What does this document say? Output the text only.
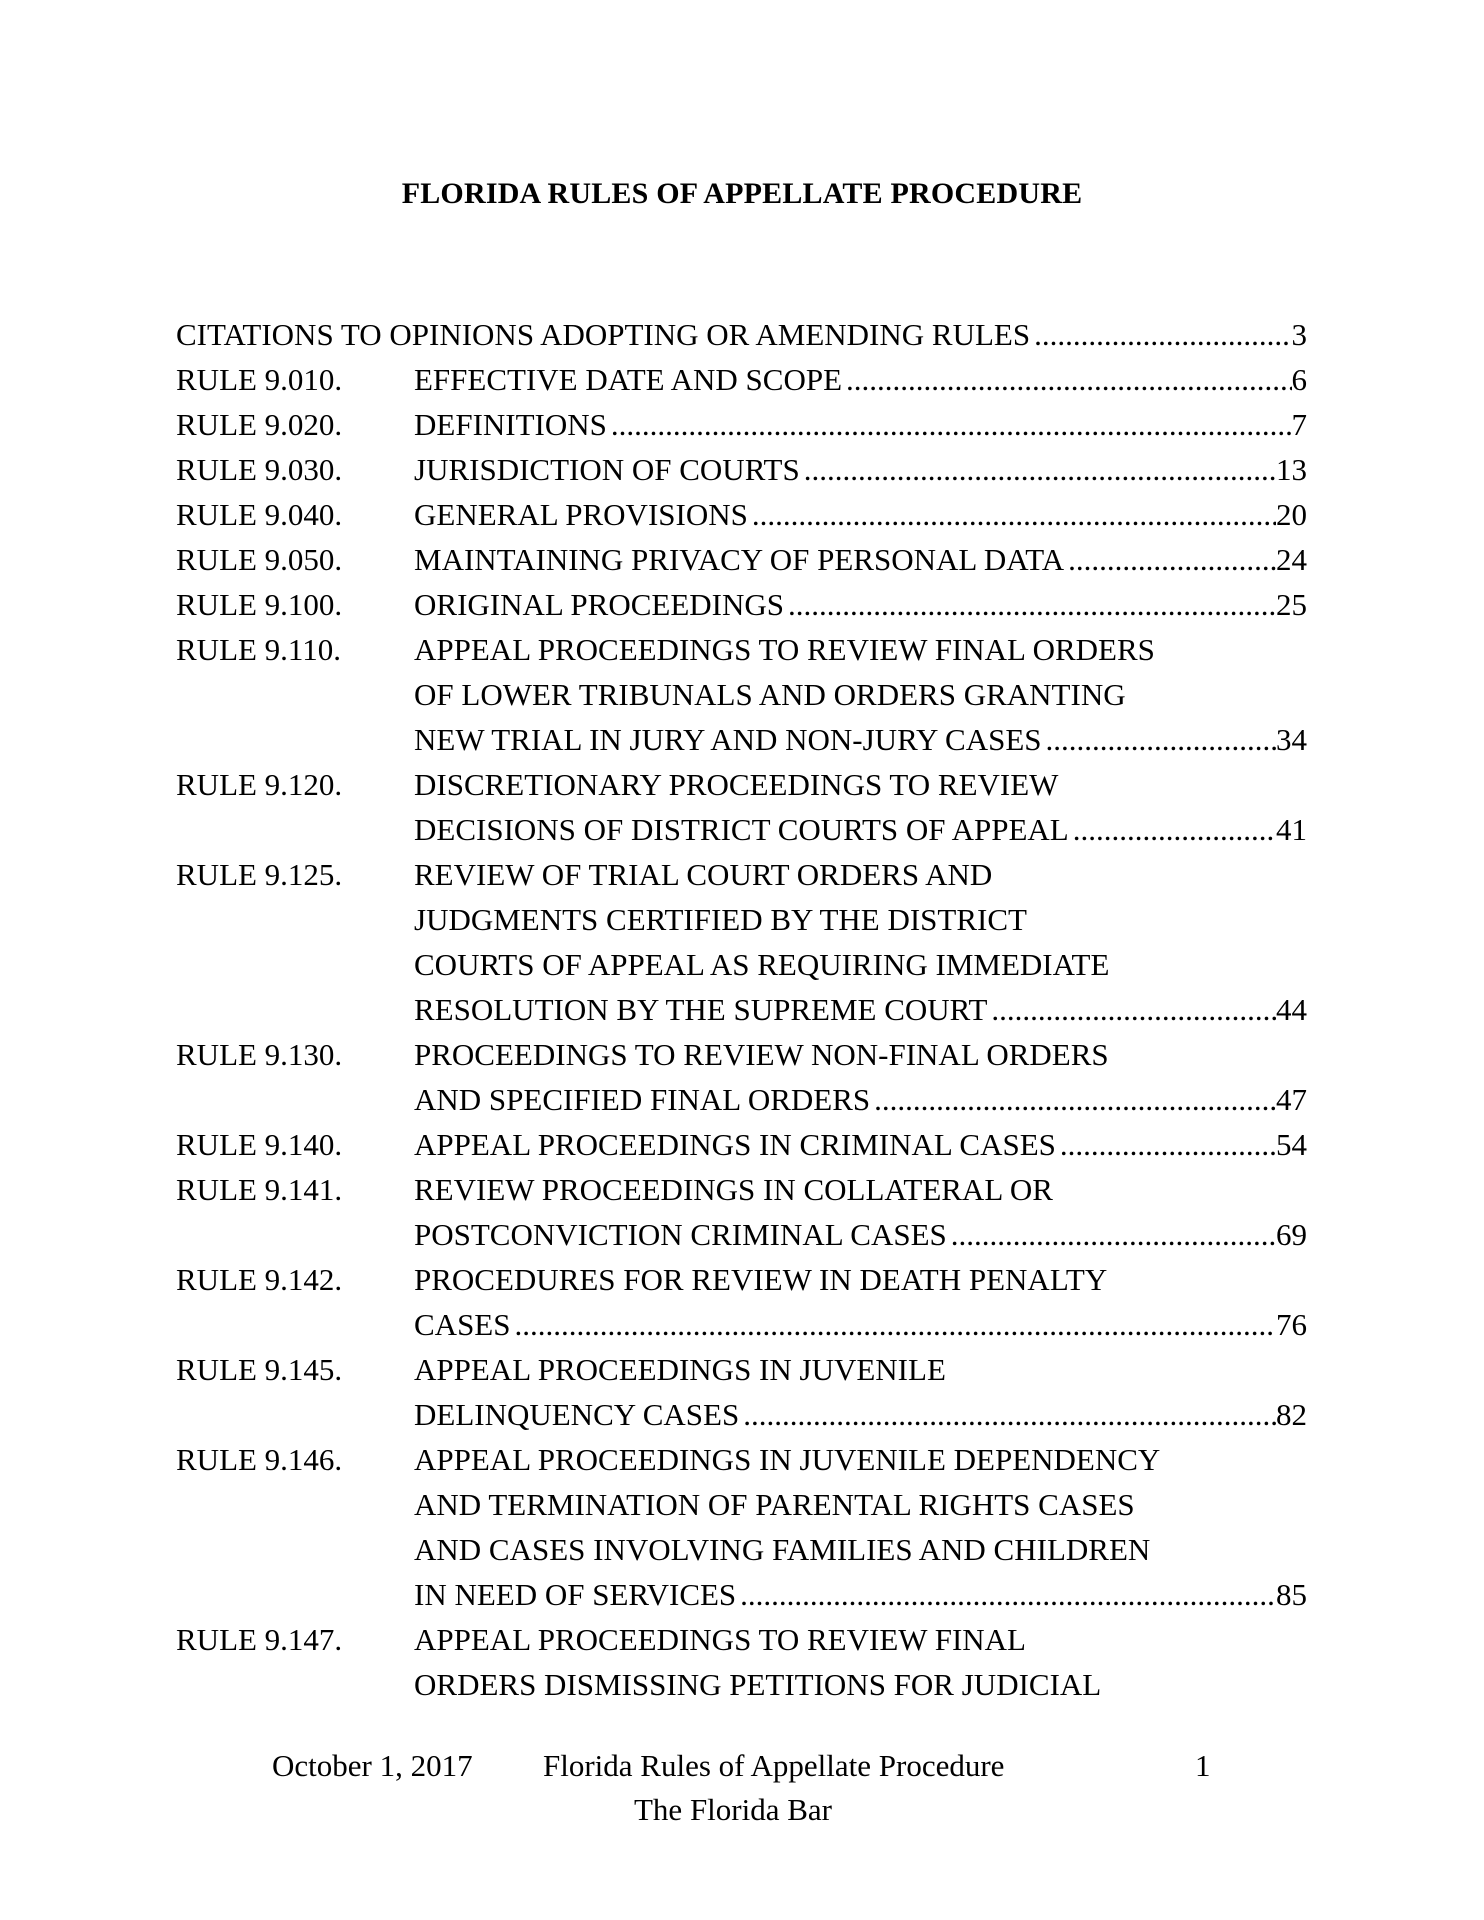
FLORIDA RULES OF APPELLATE PROCEDURE
CITATIONS TO OPINIONS ADOPTING OR AMENDING RULES .....	3
RULE 9.010. EFFECTIVE DATE AND SCOPE .....	6
RULE 9.020. DEFINITIONS .....	7
RULE 9.030. JURISDICTION OF COURTS .....	13
RULE 9.040. GENERAL PROVISIONS .....	20
RULE 9.050. MAINTAINING PRIVACY OF PERSONAL DATA .....	24
RULE 9.100. ORIGINAL PROCEEDINGS .....	25
RULE 9.110. APPEAL PROCEEDINGS TO REVIEW FINAL ORDERS
OF LOWER TRIBUNALS AND ORDERS GRANTING
NEW TRIAL IN JURY AND NON-JURY CASES .....	34
RULE 9.120. DISCRETIONARY PROCEEDINGS TO REVIEW
DECISIONS OF DISTRICT COURTS OF APPEAL .....	41
RULE 9.125. REVIEW OF TRIAL COURT ORDERS AND
JUDGMENTS CERTIFIED BY THE DISTRICT
COURTS OF APPEAL AS REQUIRING IMMEDIATE
RESOLUTION BY THE SUPREME COURT .....	44
RULE 9.130. PROCEEDINGS TO REVIEW NON-FINAL ORDERS
AND SPECIFIED FINAL ORDERS .....	47
RULE 9.140. APPEAL PROCEEDINGS IN CRIMINAL CASES .....	54
RULE 9.141. REVIEW PROCEEDINGS IN COLLATERAL OR
POSTCONVICTION CRIMINAL CASES .....	69
RULE 9.142. PROCEDURES FOR REVIEW IN DEATH PENALTY
CASES .....	76
RULE 9.145. APPEAL PROCEEDINGS IN JUVENILE
DELINQUENCY CASES .....	82
RULE 9.146. APPEAL PROCEEDINGS IN JUVENILE DEPENDENCY
AND TERMINATION OF PARENTAL RIGHTS CASES
AND CASES INVOLVING FAMILIES AND CHILDREN
IN NEED OF SERVICES .....	85
RULE 9.147. APPEAL PROCEEDINGS TO REVIEW FINAL
ORDERS DISMISSING PETITIONS FOR JUDICIAL
October 1, 2017 Florida Rules of Appellate Procedure	1
The Florida Bar
